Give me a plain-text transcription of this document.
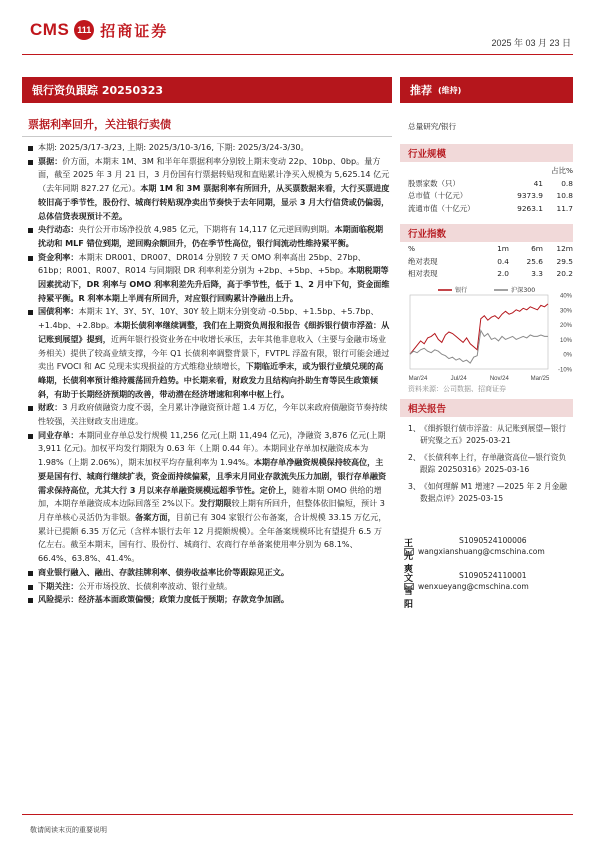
CMS 111 招商证券
2025 年 03 月 23 日
银行资负跟踪 20250323	推荐 (维持)
票据利率回升，关注银行卖债
本期: 2025/3/17-3/23, 上期: 2025/3/10-3/16, 下期: 2025/3/24-3/30。
票据：价方面，本期末 1M、3M 和半年年票据利率分别较上期末变动 22p、10bp、0bp。量方面，截至 2025 年 3 月 21 日，3 月份国有行票据转贴现和直贴累计净买入规模为 5,625.14 亿元（去年同期 827.27 亿元）。本期 1M 和 3M 票据利率有所回升，从买票数据来看，大行买票进度较旧高于季节性，股份行、城商行转贴现净卖出节奏快于去年同期，显示 3 月大行信贷或仍偏弱，总体信贷表现预计不差。
央行动态：央行公开市场净投放 4,985 亿元，下期将有 14,117 亿元逆回购到期。本期面临税期扰动和 MLF 错位到期，逆回购余额回升，仍在季节性高位，银行间流动性维持紧平衡。
资金利率：本期末 DR001、DR007、DR014 分别较 7 天 OMO 利率高出 25bp、27bp、61bp；R001、R007、R014 与同期限 DR 利率利差分别为 +2bp、+5bp、+5bp。本期税期等因素扰动下，DR 利率与 OMO 利率利差先升后降，高于季节性，低于 1、2 月中下旬，资金面维持紧平衡。R 利率本期上半周有所回升，对应银行回购累计净融出上升。
国债利率：本期末 1Y、3Y、5Y、10Y、30Y 较上期末分别变动 -0.5bp、+1.5bp、+5.7bp、+1.4bp、+2.8bp。本期长债利率继续调整，我们在上期资负周报和报告《细拆银行债市浮盈：从记账到展望》提到，近两年银行投资业务在中收增长承压，去年其他非息收入（主要与金融市场业务相关）提供了较高业绩支撑，今年 Q1 长债利率调整背景下，FVTPL 浮盈有限，银行可能会通过卖出 FVOCI 和 AC 兑现未实现损益的方式维稳业绩增长，下期临近季末，或为银行业绩兑现的高峰期，长债利率预计维持震荡回升趋势。中长期来看，财政发力且结构向扑助生育等民生政策倾斜，有助于长期经济预期的改善，带动潜在经济增速和利率中枢上行。
财政：3 月政府债融资力度不弱，全月累计净融资预计超 1.4 万亿，今年以来政府债融资节奏持续性较强，关注财政支出进度。
同业存单：本期同业存单总发行规模 11,256 亿元(上期 11,494 亿元)，净融资 3,876 亿元(上期 3,911 亿元)。加权平均发行期限为 0.63 年（上期 0.44 年）。本期同业存单加权融资成本为 1.98%（上期 2.06%），期末加权平均存量利率为 1.94%。本期存单净融资规模保持较高位，主要是国有行、城商行继续扩表，资金面持续偏紧，且季末月同业存款流失压力加剧，银行存单融资需求保持高位，尤其大行 3 月以来存单融资规模远超季节性。定价上，随着本期 OMO 供给的增加，本期存单融资成本边际回落至 2%以下。发行期限较上期有所回升，但整体依旧偏短，预计 3 月存单核心灵活仍为非银。备案方面，目前已有 304 家银行公布备案，合计规模 33.15 万亿元，累计已提额 6.35 万亿元（含样本银行去年 12 月提额规模）。全年备案规模环比有望提升 6.5 万亿左右。截至本期末，国有行、股份行、城商行、农商行存单备案使用率分别为 68.1%、66.4%、63.8%、41.4%。
商业银行融入、融出、存款挂牌利率、债券收益率比价等跟踪见正文。
下期关注：公开市场投放、长债利率波动、银行业绩。
风险提示：经济基本面政策偏慢；政策力度低于预期；存款竞争加剧。
总量研究/银行
行业规模
占比%
股票家数（只）	41	0.8
总市值（十亿元）	9373.9	10.8
流通市值（十亿元）	9263.1	11.7
行业指数
%	1m	6m	12m
绝对表现	0.4	25.6	29.5
相对表现	2.0	3.3	20.2
40%
30%
20%
10%
0%
-10%
Mar/24	Jul/24	Nov/24	Mar/25
银行	沪深300
资料来源：公司数据、招商证券
相关报告
1、 《细拆银行债市浮盈：从记账到展望—银行研究聚之五》2025-03-21
2、 《长债利率上行，存单融资高位—银行资负跟踪 20250316》2025-03-16
3、 《如何理解 M1 增速? —2025 年 2 月金融数据点评》2025-03-15
王先爽
S1090524100006
wangxianshuang@cmschina.com
文雪阳
S1090524110001
wenxueyang@cmschina.com
敬请阅读末页的重要说明
